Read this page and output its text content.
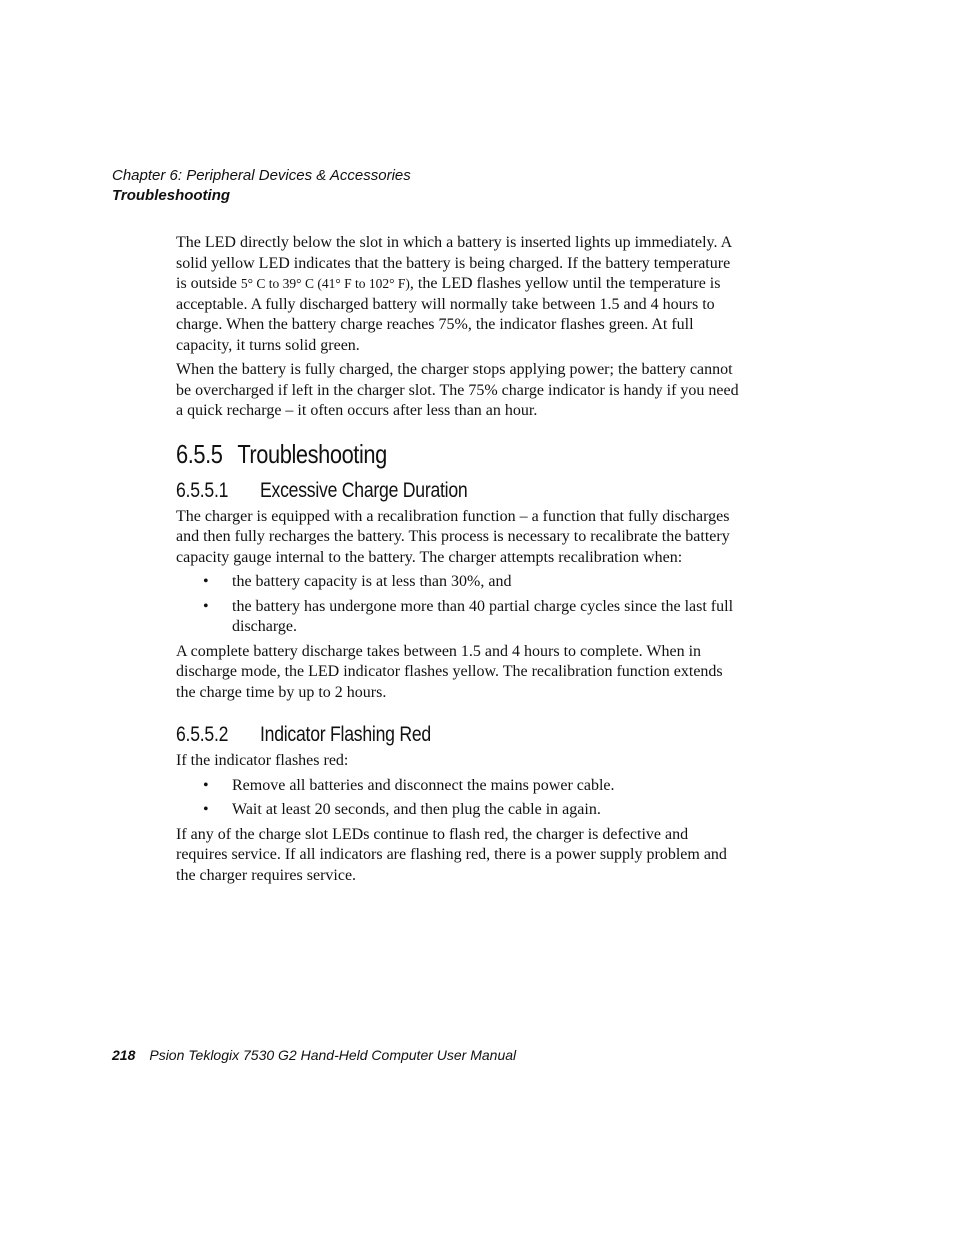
Chapter 6: Peripheral Devices & Accessories
Troubleshooting

The LED directly below the slot in which a battery is inserted lights up immediately. A solid yellow LED indicates that the battery is being charged. If the battery temperature is outside 5° C to 39° C (41° F to 102° F), the LED flashes yellow until the temperature is acceptable. A fully discharged battery will normally take between 1.5 and 4 hours to charge. When the battery charge reaches 75%, the indicator flashes green. At full capacity, it turns solid green.

When the battery is fully charged, the charger stops applying power; the battery cannot be overcharged if left in the charger slot. The 75% charge indicator is handy if you need a quick recharge – it often occurs after less than an hour.

6.5.5 Troubleshooting
6.5.5.1 Excessive Charge Duration

The charger is equipped with a recalibration function – a function that fully discharges and then fully recharges the battery. This process is necessary to recalibrate the battery capacity gauge internal to the battery. The charger attempts recalibration when:

• the battery capacity is at less than 30%, and
• the battery has undergone more than 40 partial charge cycles since the last full discharge.

A complete battery discharge takes between 1.5 and 4 hours to complete. When in discharge mode, the LED indicator flashes yellow. The recalibration function extends the charge time by up to 2 hours.

6.5.5.2 Indicator Flashing Red

If the indicator flashes red:

• Remove all batteries and disconnect the mains power cable.
• Wait at least 20 seconds, and then plug the cable in again.

If any of the charge slot LEDs continue to flash red, the charger is defective and requires service. If all indicators are flashing red, there is a power supply problem and the charger requires service.

218 Psion Teklogix 7530 G2 Hand-Held Computer User Manual
